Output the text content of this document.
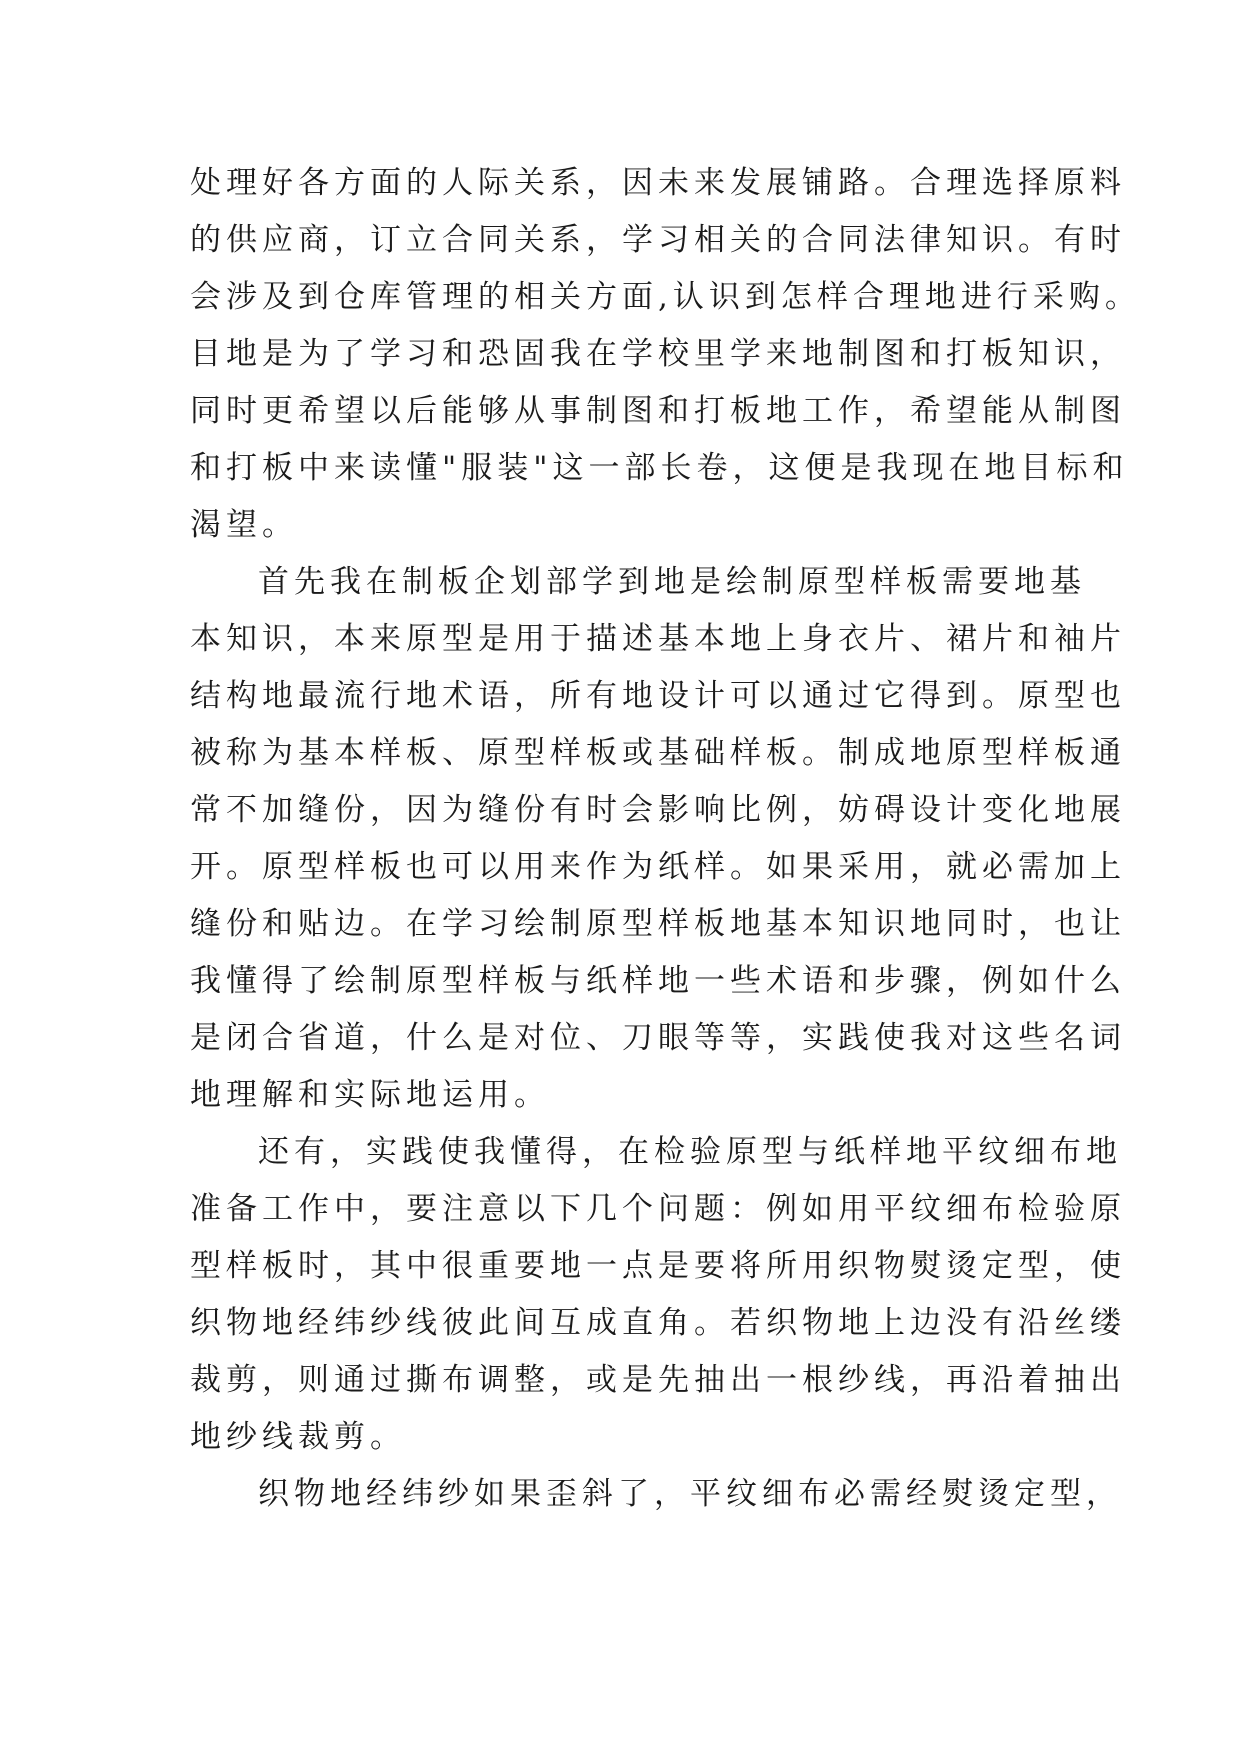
处理好各方面的人际关系，因未来发展铺路。合理选择原料
的供应商，订立合同关系，学习相关的合同法律知识。有时
会涉及到仓库管理的相关方面,认识到怎样合理地进行采购。
目地是为了学习和恐固我在学校里学来地制图和打板知识，
同时更希望以后能够从事制图和打板地工作，希望能从制图
和打板中来读懂"服装"这一部长卷，这便是我现在地目标和
渴望。
首先我在制板企划部学到地是绘制原型样板需要地基
本知识，本来原型是用于描述基本地上身衣片、裙片和袖片
结构地最流行地术语，所有地设计可以通过它得到。原型也
被称为基本样板、原型样板或基础样板。制成地原型样板通
常不加缝份，因为缝份有时会影响比例，妨碍设计变化地展
开。原型样板也可以用来作为纸样。如果采用，就必需加上
缝份和贴边。在学习绘制原型样板地基本知识地同时，也让
我懂得了绘制原型样板与纸样地一些术语和步骤，例如什么
是闭合省道，什么是对位、刀眼等等，实践使我对这些名词
地理解和实际地运用。
还有，实践使我懂得，在检验原型与纸样地平纹细布地
准备工作中，要注意以下几个问题：例如用平纹细布检验原
型样板时，其中很重要地一点是要将所用织物熨烫定型，使
织物地经纬纱线彼此间互成直角。若织物地上边没有沿丝缕
裁剪，则通过撕布调整，或是先抽出一根纱线，再沿着抽出
地纱线裁剪。
织物地经纬纱如果歪斜了，平纹细布必需经熨烫定型，
